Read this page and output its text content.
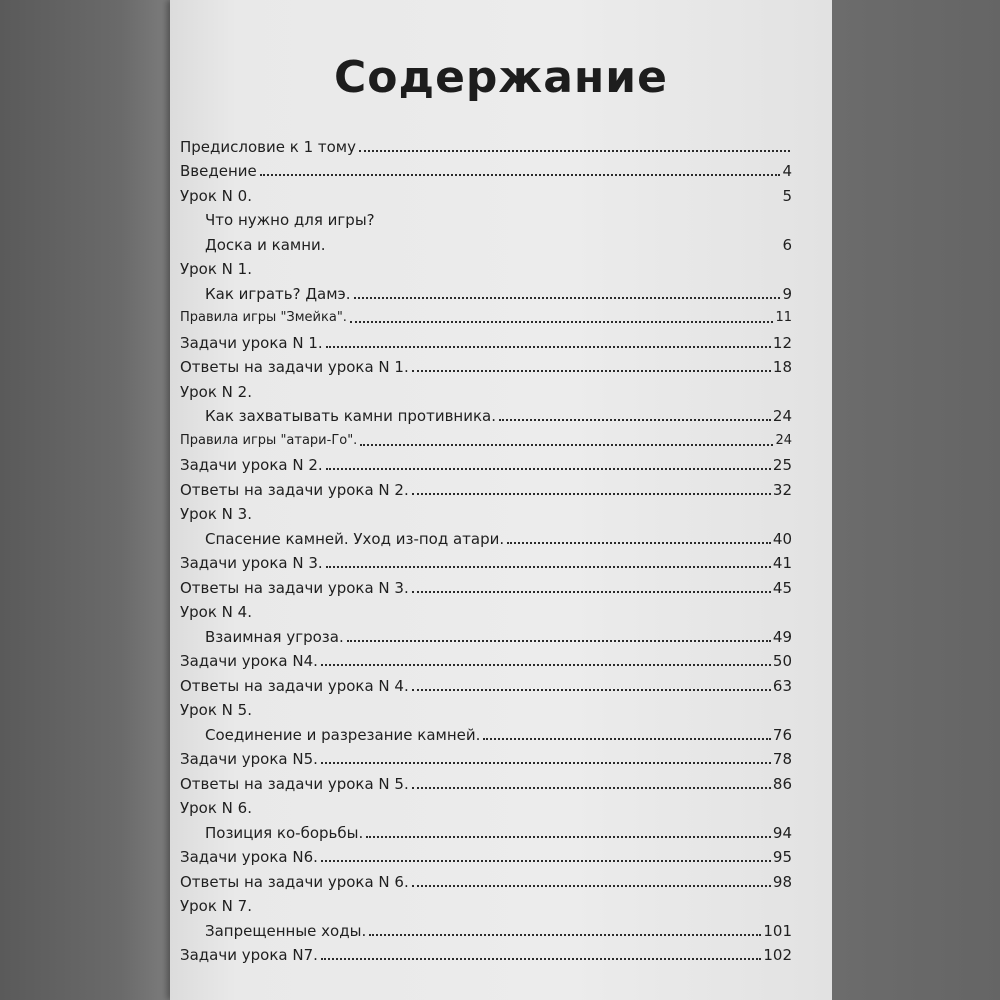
Содержание
Предисловие к 1 тому
Введение	4
Урок N 0.	5
Что нужно для игры?
Доска и камни.	6
Урок N 1.
Как играть? Дамэ.	9
Правила игры "Змейка".	11
Задачи урока N 1.	12
Ответы на задачи урока N 1.	18
Урок N 2.
Как захватывать камни противника.	24
Правила игры "атари-Го".	24
Задачи урока N 2.	25
Ответы на задачи урока N 2.	32
Урок N 3.
Спасение камней. Уход из-под атари.	40
Задачи урока N 3.	41
Ответы на задачи урока N 3.	45
Урок N 4.
Взаимная угроза.	49
Задачи урока N4.	50
Ответы на задачи урока N 4.	63
Урок N 5.
Соединение и разрезание камней.	76
Задачи урока N5.	78
Ответы на задачи урока N 5.	86
Урок N 6.
Позиция ко-борьбы.	94
Задачи урока N6.	95
Ответы на задачи урока N 6.	98
Урок N 7.
Запрещенные ходы.	101
Задачи урока N7.	102
